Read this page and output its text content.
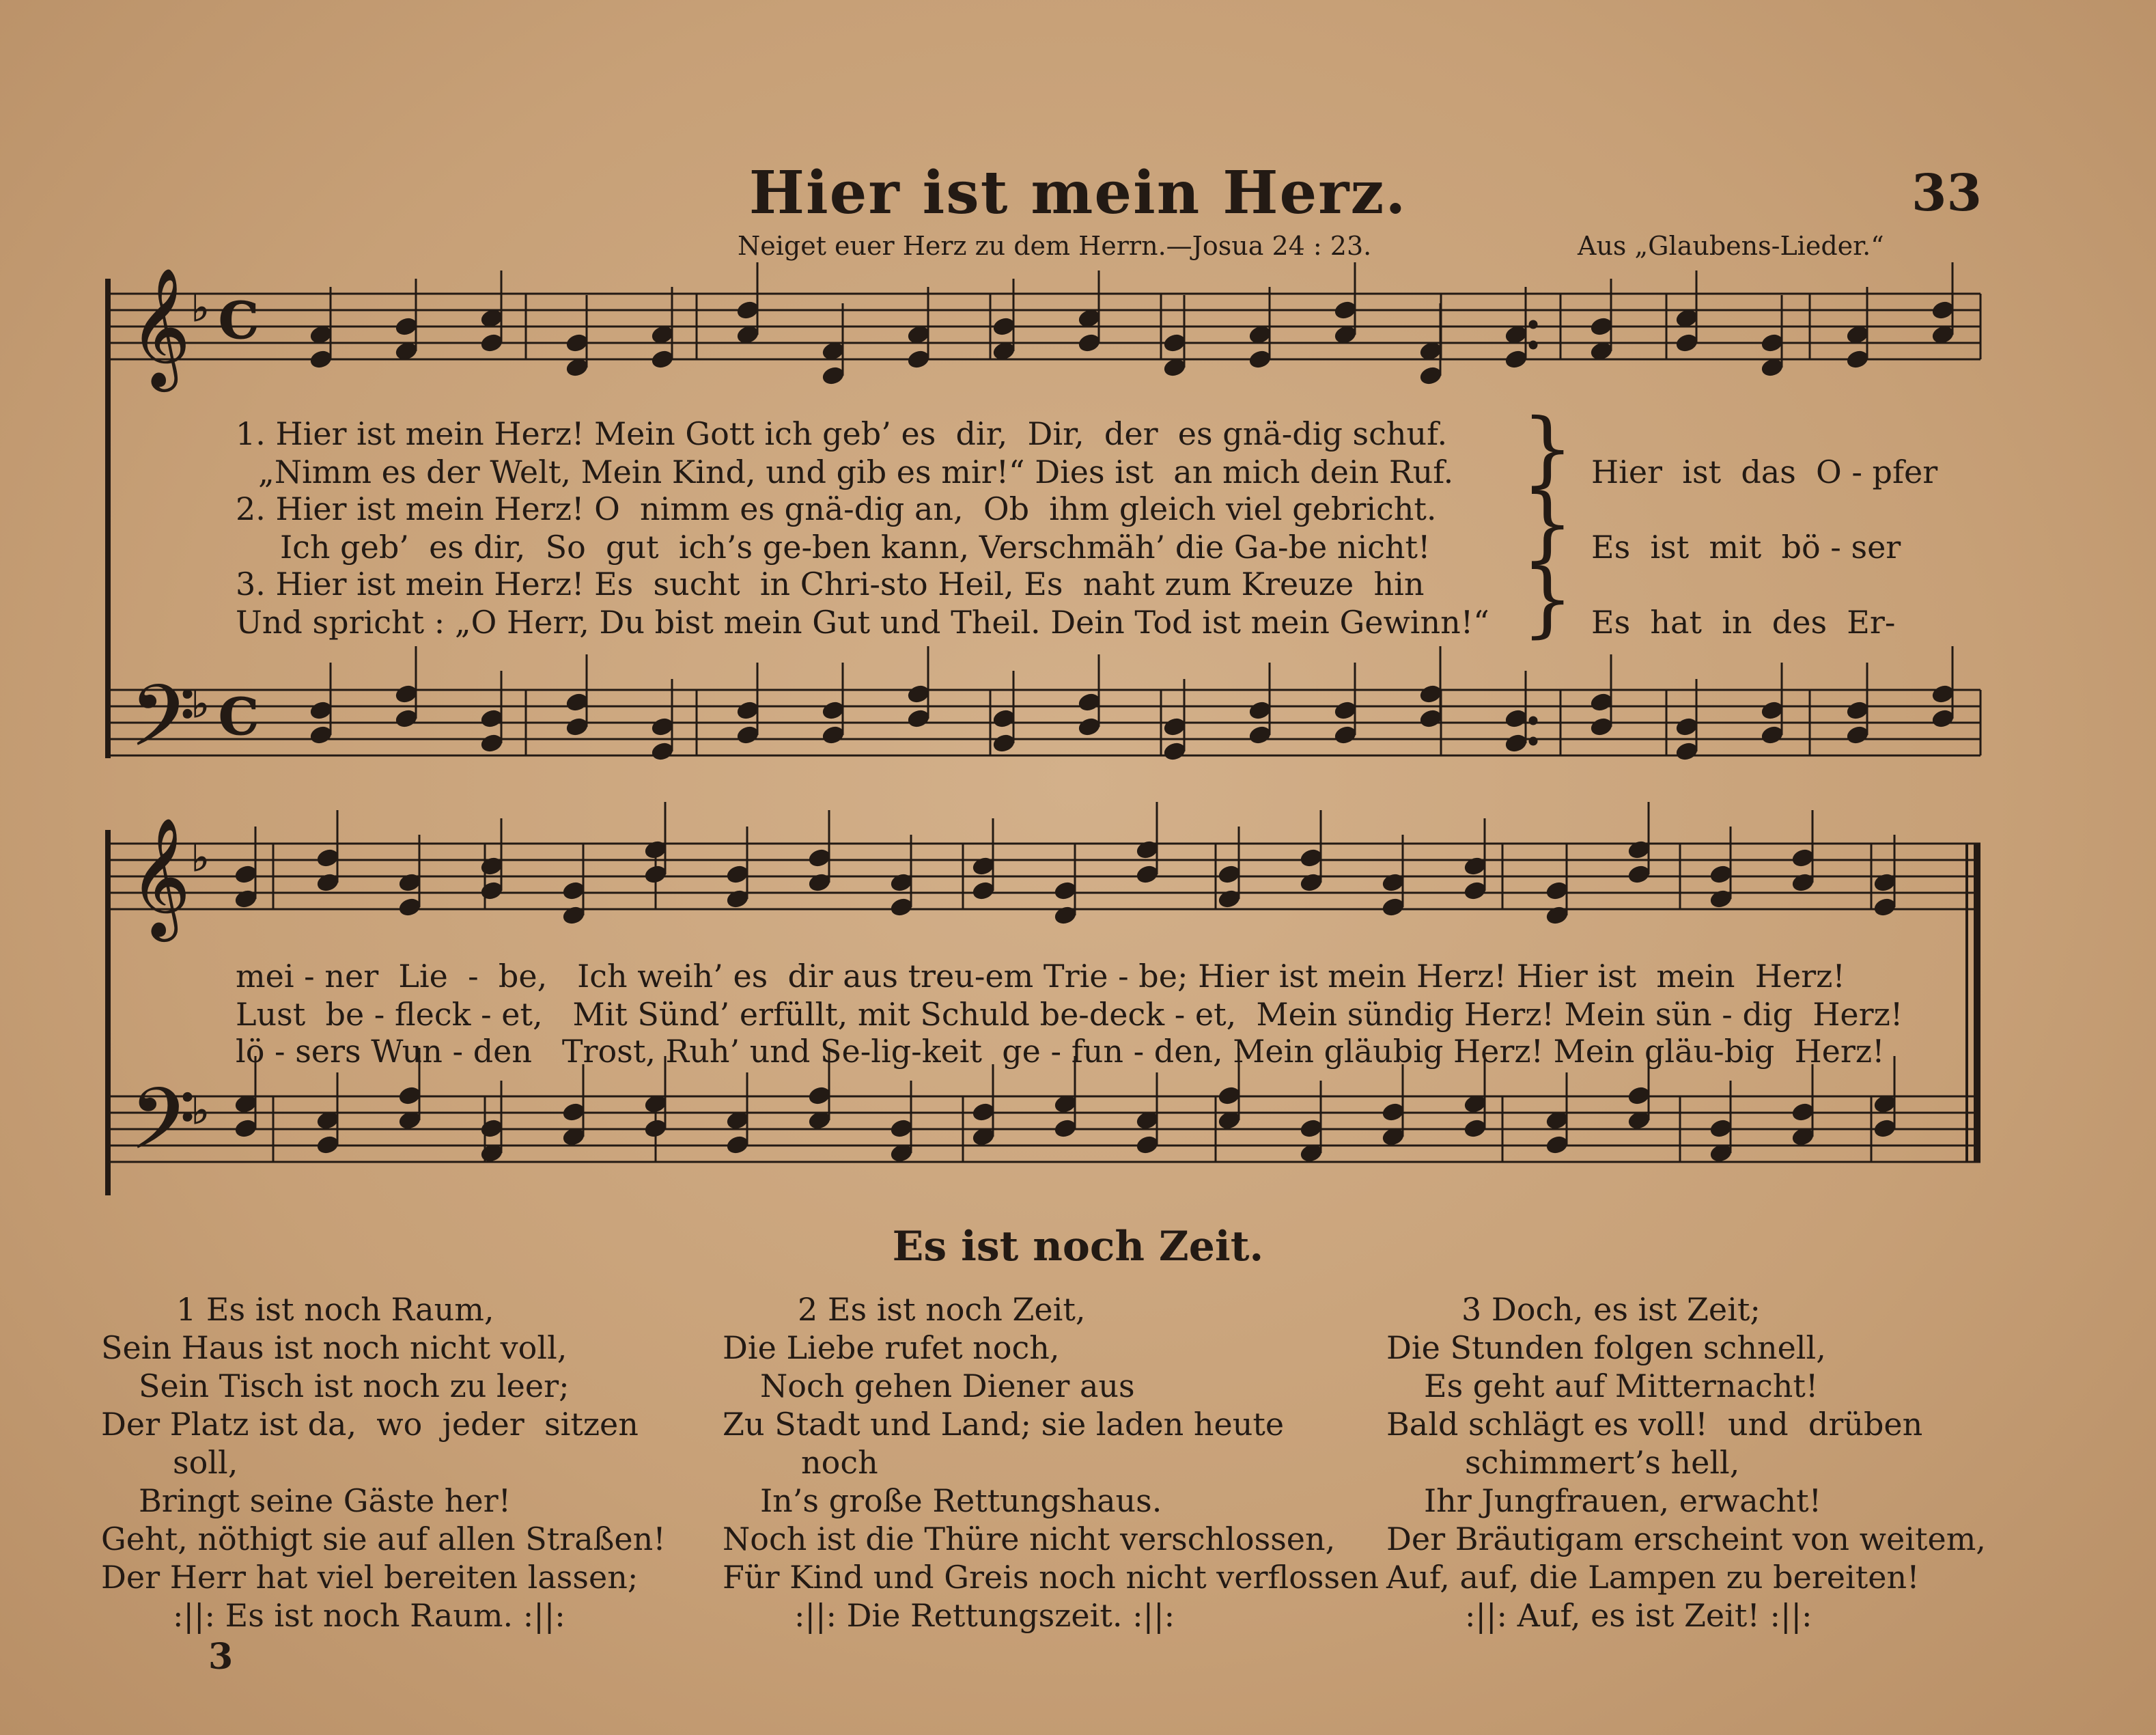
Hier ist mein Herz.	33
Neiget euer Herz zu dem Herrn.—Josua 24 : 23.	Aus „Glaubens-Lieder.“
𝄞
𝄢
𝄞
𝄢
♭
♭
♭
♭
C
C
1. Hier ist mein Herz! Mein Gott ich geb’ es  dir,  Dir,  der  es gnä-dig schuf.
„Nimm es der Welt, Mein Kind, und gib es mir!“ Dies ist  an mich dein Ruf.
2. Hier ist mein Herz! O  nimm es gnä-dig an,  Ob  ihm gleich viel gebricht.
Ich geb’  es dir,  So  gut  ich’s ge-ben kann, Verschmäh’ die Ga-be nicht!
3. Hier ist mein Herz! Es  sucht  in Chri-sto Heil, Es  naht zum Kreuze  hin
Und spricht : „O Herr, Du bist mein Gut und Theil. Dein Tod ist mein Gewinn!“
}
}
}
Hier  ist  das  O - pfer
Es  ist  mit  bö - ser
Es  hat  in  des  Er-
mei - ner  Lie  -  be,   Ich weih’ es  dir aus treu-em Trie - be; Hier ist mein Herz! Hier ist  mein  Herz!
Lust  be - fleck - et,   Mit Sünd’ erfüllt, mit Schuld be-deck - et,  Mein sündig Herz! Mein sün - dig  Herz!
lö - sers Wun - den   Trost, Ruh’ und Se-lig-keit  ge - fun - den, Mein gläubig Herz! Mein gläu-big  Herz!
Es ist noch Zeit.
1 Es ist noch Raum,
Sein Haus ist noch nicht voll,
Sein Tisch ist noch zu leer;
Der Platz ist da,  wo  jeder  sitzen
soll,
Bringt seine Gäste her!
Geht, nöthigt sie auf allen Straßen!
Der Herr hat viel bereiten lassen;
:||: Es ist noch Raum. :||:
2 Es ist noch Zeit,
Die Liebe rufet noch,
Noch gehen Diener aus
Zu Stadt und Land; sie laden heute
noch
In’s große Rettungshaus.
Noch ist die Thüre nicht verschlossen,
Für Kind und Greis noch nicht verflossen
:||: Die Rettungszeit. :||:
3 Doch, es ist Zeit;
Die Stunden folgen schnell,
Es geht auf Mitternacht!
Bald schlägt es voll!  und  drüben
schimmert’s hell,
Ihr Jungfrauen, erwacht!
Der Bräutigam erscheint von weitem,
Auf, auf, die Lampen zu bereiten!
:||: Auf, es ist Zeit! :||:
3
